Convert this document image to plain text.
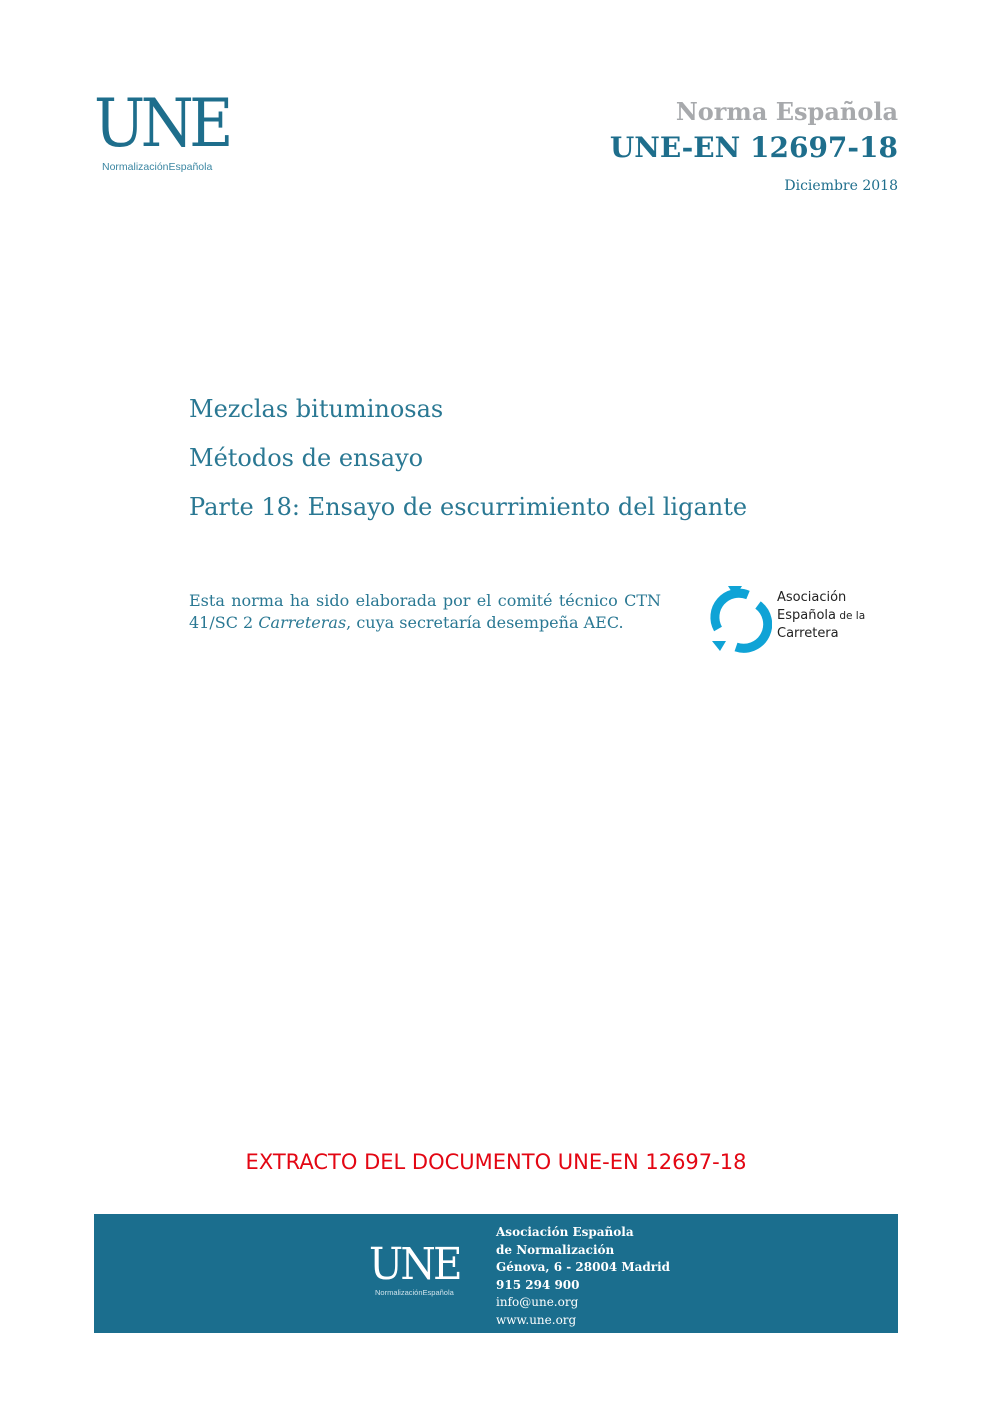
UNE
NormalizaciónEspañola
Norma Española
UNE-EN 12697-18
Diciembre 2018
Mezclas bituminosas
Métodos de ensayo
Parte 18: Ensayo de escurrimiento del ligante
Esta norma ha sido elaborada por el comité técnico CTN 41/SC 2 Carreteras, cuya secretaría desempeña AEC.
Asociación
Española de la
Carretera
EXTRACTO DEL DOCUMENTO UNE-EN 12697-18
UNE
NormalizaciónEspañola
Asociación Española
de Normalización
Génova, 6 - 28004 Madrid
915 294 900
info@une.org
www.une.org
